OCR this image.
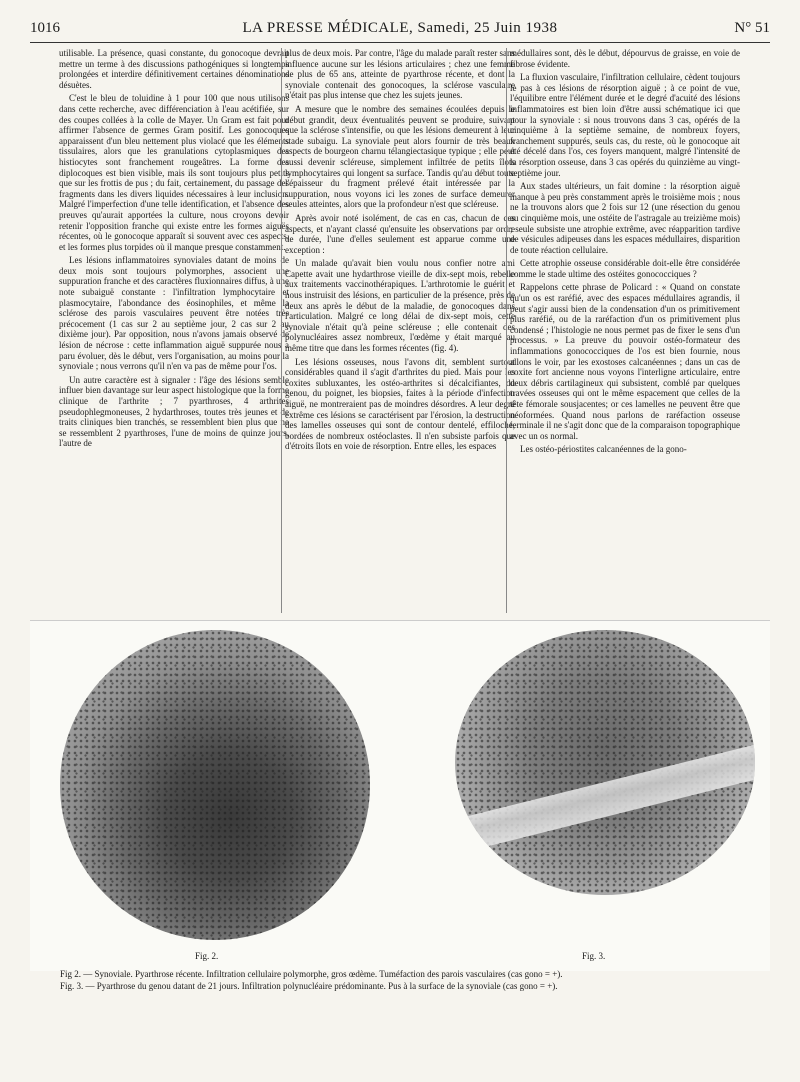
1016	LA PRESSE MÉDICALE, Samedi, 25 Juin 1938	N° 51

utilisable. La présence, quasi constante, du gonocoque devrait mettre un terme à des discussions pathogéniques si longtemps prolongées et interdire définitivement certaines dénominations désuètes.

C'est le bleu de toluidine à 1 pour 100 que nous utilisons dans cette recherche, avec différenciation à l'eau acétifiée, sur des coupes collées à la colle de Mayer. Un Gram est fait pour affirmer l'absence de germes Gram positif. Les gonocoques apparaissent d'un bleu nettement plus violacé que les éléments tissulaires, alors que les granulations cytoplasmiques des histiocytes sont franchement rougeâtres. La forme des diplocoques est bien visible, mais ils sont toujours plus petits que sur les frottis de pus ; du fait, certainement, du passage des fragments dans les divers liquides nécessaires à leur inclusion. Malgré l'imperfection d'une telle identification, et l'absence des preuves qu'aurait apportées la culture, nous croyons devoir retenir l'opposition franche qui existe entre les formes aiguës récentes, où le gonocoque apparaît si souvent avec ces aspects, et les formes plus torpides où il manque presque constamment.

Les lésions inflammatoires synoviales datant de moins de deux mois sont toujours polymorphes, associent une suppuration franche et des caractères fluxionnaires diffus, à une note subaiguë constante : l'infiltration lymphocytaire et plasmocytaire, l'abondance des éosinophiles, et même la sclérose des parois vasculaires peuvent être notées très précocement (1 cas sur 2 au septième jour, 2 cas sur 2 au dixième jour). Par opposition, nous n'avons jamais observé de lésion de nécrose : cette inflammation aiguë suppurée nous a paru évoluer, dès le début, vers l'organisation, au moins pour la synoviale ; nous verrons qu'il n'en va pas de même pour l'os.

Un autre caractère est à signaler : l'âge des lésions semble influer bien davantage sur leur aspect histologique que la forme clinique de l'arthrite ; 7 pyarthroses, 4 arthrites pseudophlegmoneuses, 2 hydarthroses, toutes très jeunes et de traits cliniques bien tranchés, se ressemblent bien plus que ne se ressemblent 2 pyarthroses, l'une de moins de quinze jours, l'autre de

plus de deux mois. Par contre, l'âge du malade paraît rester sans influence aucune sur les lésions articulaires ; chez une femme de plus de 65 ans, atteinte de pyarthrose récente, et dont la synoviale contenait des gonocoques, la sclérose vasculaire n'était pas plus intense que chez les sujets jeunes.

A mesure que le nombre des semaines écoulées depuis le début grandit, deux éventualités peuvent se produire, suivant que la sclérose s'intensifie, ou que les lésions demeurent à leur stade subaigu. La synoviale peut alors fournir de très beaux aspects de bourgeon charnu télangiectasique typique ; elle peut aussi devenir scléreuse, simplement infiltrée de petits îlots lymphocytaires qui longent sa surface. Tandis qu'au début toute l'épaisseur du fragment prélevé était intéressée par la suppuration, nous voyons ici les zones de surface demeurer seules atteintes, alors que la profondeur n'est que scléreuse.

Après avoir noté isolément, de cas en cas, chacun de ces aspects, et n'ayant classé qu'ensuite les observations par ordre de durée, l'une d'elles seulement est apparue comme une exception :

Un malade qu'avait bien voulu nous confier notre ami Capette avait une hydarthrose vieille de dix-sept mois, rebelle aux traitements vaccinothérapiques. L'arthrotomie le guérit et nous instruisit des lésions, en particulier de la présence, près de deux ans après le début de la maladie, de gonocoques dans l'articulation. Malgré ce long délai de dix-sept mois, cette synoviale n'était qu'à peine scléreuse ; elle contenait des polynucléaires assez nombreux, l'œdème y était marqué au même titre que dans les formes récentes (fig. 4).

Les lésions osseuses, nous l'avons dit, semblent surtout considérables quand il s'agit d'arthrites du pied. Mais pour les coxites subluxantes, les ostéo-arthrites si décalcifiantes, du genou, du poignet, les biopsies, faites à la période d'infection aiguë, ne montreraient pas de moindres désordres. A leur degré extrême ces lésions se caractérisent par l'érosion, la destruction des lamelles osseuses qui sont de contour dentelé, effiloché, bordées de nombreux ostéoclastes. Il n'en subsiste parfois que d'étroits îlots en voie de résorption. Entre elles, les espaces

médullaires sont, dès le début, dépourvus de graisse, en voie de fibrose évidente.

La fluxion vasculaire, l'infiltration cellulaire, cèdent toujours le pas à ces lésions de résorption aiguë ; à ce point de vue, l'équilibre entre l'élément durée et le degré d'acuité des lésions inflammatoires est bien loin d'être aussi schématique ici que pour la synoviale : si nous trouvons dans 3 cas, opérés de la cinquième à la septième semaine, de nombreux foyers, franchement suppurés, seuls cas, du reste, où le gonocoque ait été décelé dans l'os, ces foyers manquent, malgré l'intensité de la résorption osseuse, dans 3 cas opérés du quinzième au vingt-septième jour.

Aux stades ultérieurs, un fait domine : la résorption aiguë manque à peu près constamment après le troisième mois ; nous ne la trouvons alors que 2 fois sur 12 (une résection du genou au cinquième mois, une ostéite de l'astragale au treizième mois) ; seule subsiste une atrophie extrême, avec réapparition tardive de vésicules adipeuses dans les espaces médullaires, disparition de toute réaction cellulaire.

Cette atrophie osseuse considérable doit-elle être considérée comme le stade ultime des ostéites gonococciques ?

Rappelons cette phrase de Policard : « Quand on constate qu'un os est raréfié, avec des espaces médullaires agrandis, il peut s'agir aussi bien de la condensation d'un os primitivement plus raréfié, ou de la raréfaction d'un os primitivement plus condensé ; l'histologie ne nous permet pas de fixer le sens d'un processus. » La preuve du pouvoir ostéo-formateur des inflammations gonococciques de l'os est bien fournie, nous allons le voir, par les exostoses calcanéennes ; dans un cas de coxite fort ancienne nous voyons l'interligne articulaire, entre deux débris cartilagineux qui subsistent, comblé par quelques travées osseuses qui ont le même espacement que celles de la tête fémorale sousjacentes; or ces lamelles ne peuvent être que néoformées. Quand nous parlons de raréfaction osseuse terminale il ne s'agit donc que de la comparaison topographique avec un os normal.

Les ostéo-périostites calcanéennes de la gono-

Fig. 2.	Fig. 3.
Fig 2. — Synoviale. Pyarthrose récente. Infiltration cellulaire polymorphe, gros œdème. Tuméfaction des parois vasculaires (cas gono = +).
Fig. 3. — Pyarthrose du genou datant de 21 jours. Infiltration polynucléaire prédominante. Pus à la surface de la synoviale (cas gono = +).
